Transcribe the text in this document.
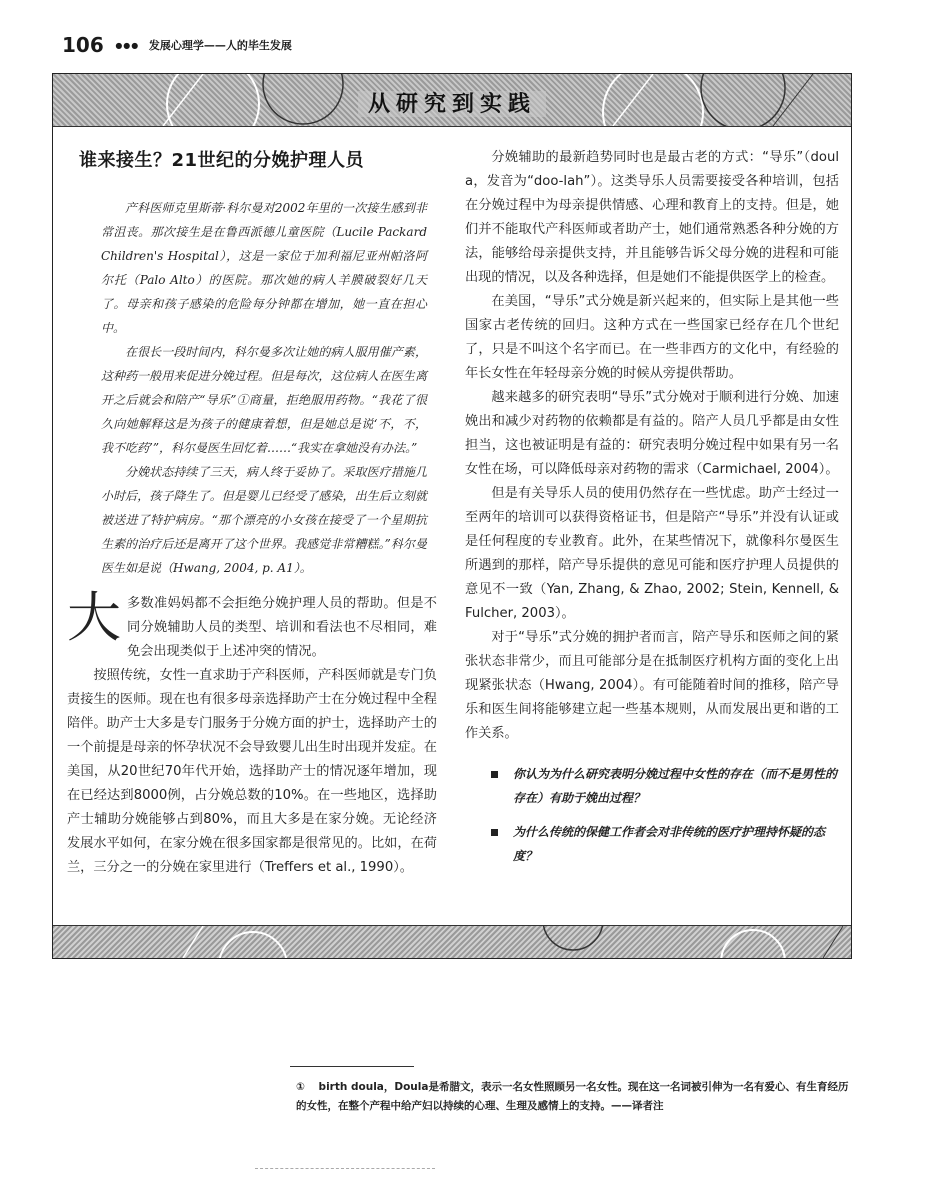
106 ●●● 发展心理学——人的毕生发展
从研究到实践
谁来接生？21世纪的分娩护理人员

产科医师克里斯蒂·科尔曼对2002年里的一次接生感到非常沮丧。那次接生是在鲁西派德儿童医院（Lucile Packard Children's Hospital），这是一家位于加利福尼亚州帕洛阿尔托（Palo Alto）的医院。那次她的病人羊膜破裂好几天了。母亲和孩子感染的危险每分钟都在增加，她一直在担心中。

在很长一段时间内，科尔曼多次让她的病人服用催产素，这种药一般用来促进分娩过程。但是每次，这位病人在医生离开之后就会和陪产“导乐”①商量，拒绝服用药物。“我花了很久向她解释这是为孩子的健康着想，但是她总是说‘不，不，我不吃药’”，科尔曼医生回忆着……“我实在拿她没有办法。”

分娩状态持续了三天，病人终于妥协了。采取医疗措施几小时后，孩子降生了。但是婴儿已经受了感染，出生后立刻就被送进了特护病房。“那个漂亮的小女孩在接受了一个星期抗生素的治疗后还是离开了这个世界。我感觉非常糟糕。”科尔曼医生如是说（Hwang, 2004, p. A1）。

大 多数准妈妈都不会拒绝分娩护理人员的帮助。但是不同分娩辅助人员的类型、培训和看法也不尽相同，难免会出现类似于上述冲突的情况。

按照传统，女性一直求助于产科医师，产科医师就是专门负责接生的医师。现在也有很多母亲选择助产士在分娩过程中全程陪伴。助产士大多是专门服务于分娩方面的护士，选择助产士的一个前提是母亲的怀孕状况不会导致婴儿出生时出现并发症。在美国，从20世纪70年代开始，选择助产士的情况逐年增加，现在已经达到8000例，占分娩总数的10%。在一些地区，选择助产士辅助分娩能够占到80%，而且大多是在家分娩。无论经济发展水平如何，在家分娩在很多国家都是很常见的。比如，在荷兰，三分之一的分娩在家里进行（Treffers et al., 1990）。

分娩辅助的最新趋势同时也是最古老的方式：“导乐”（doula，发音为“doo-lah”）。这类导乐人员需要接受各种培训，包括在分娩过程中为母亲提供情感、心理和教育上的支持。但是，她们并不能取代产科医师或者助产士，她们通常熟悉各种分娩的方法，能够给母亲提供支持，并且能够告诉父母分娩的进程和可能出现的情况，以及各种选择，但是她们不能提供医学上的检查。

在美国，“导乐”式分娩是新兴起来的，但实际上是其他一些国家古老传统的回归。这种方式在一些国家已经存在几个世纪了，只是不叫这个名字而已。在一些非西方的文化中，有经验的年长女性在年轻母亲分娩的时候从旁提供帮助。

越来越多的研究表明“导乐”式分娩对于顺利进行分娩、加速娩出和减少对药物的依赖都是有益的。陪产人员几乎都是由女性担当，这也被证明是有益的：研究表明分娩过程中如果有另一名女性在场，可以降低母亲对药物的需求（Carmichael, 2004）。

但是有关导乐人员的使用仍然存在一些忧虑。助产士经过一至两年的培训可以获得资格证书，但是陪产“导乐”并没有认证或是任何程度的专业教育。此外，在某些情况下，就像科尔曼医生所遇到的那样，陪产导乐提供的意见可能和医疗护理人员提供的意见不一致（Yan, Zhang, & Zhao, 2002; Stein, Kennell, & Fulcher, 2003）。

对于“导乐”式分娩的拥护者而言，陪产导乐和医师之间的紧张状态非常少，而且可能部分是在抵制医疗机构方面的变化上出现紧张状态（Hwang, 2004）。有可能随着时间的推移，陪产导乐和医生间将能够建立起一些基本规则，从而发展出更和谐的工作关系。

你认为为什么研究表明分娩过程中女性的存在（而不是男性的存在）有助于娩出过程？
为什么传统的保健工作者会对非传统的医疗护理持怀疑的态度？
① birth doula，Doula是希腊文，表示一名女性照顾另一名女性。现在这一名词被引伸为一名有爱心、有生育经历的女性，在整个产程中给产妇以持续的心理、生理及感情上的支持。——译者注
